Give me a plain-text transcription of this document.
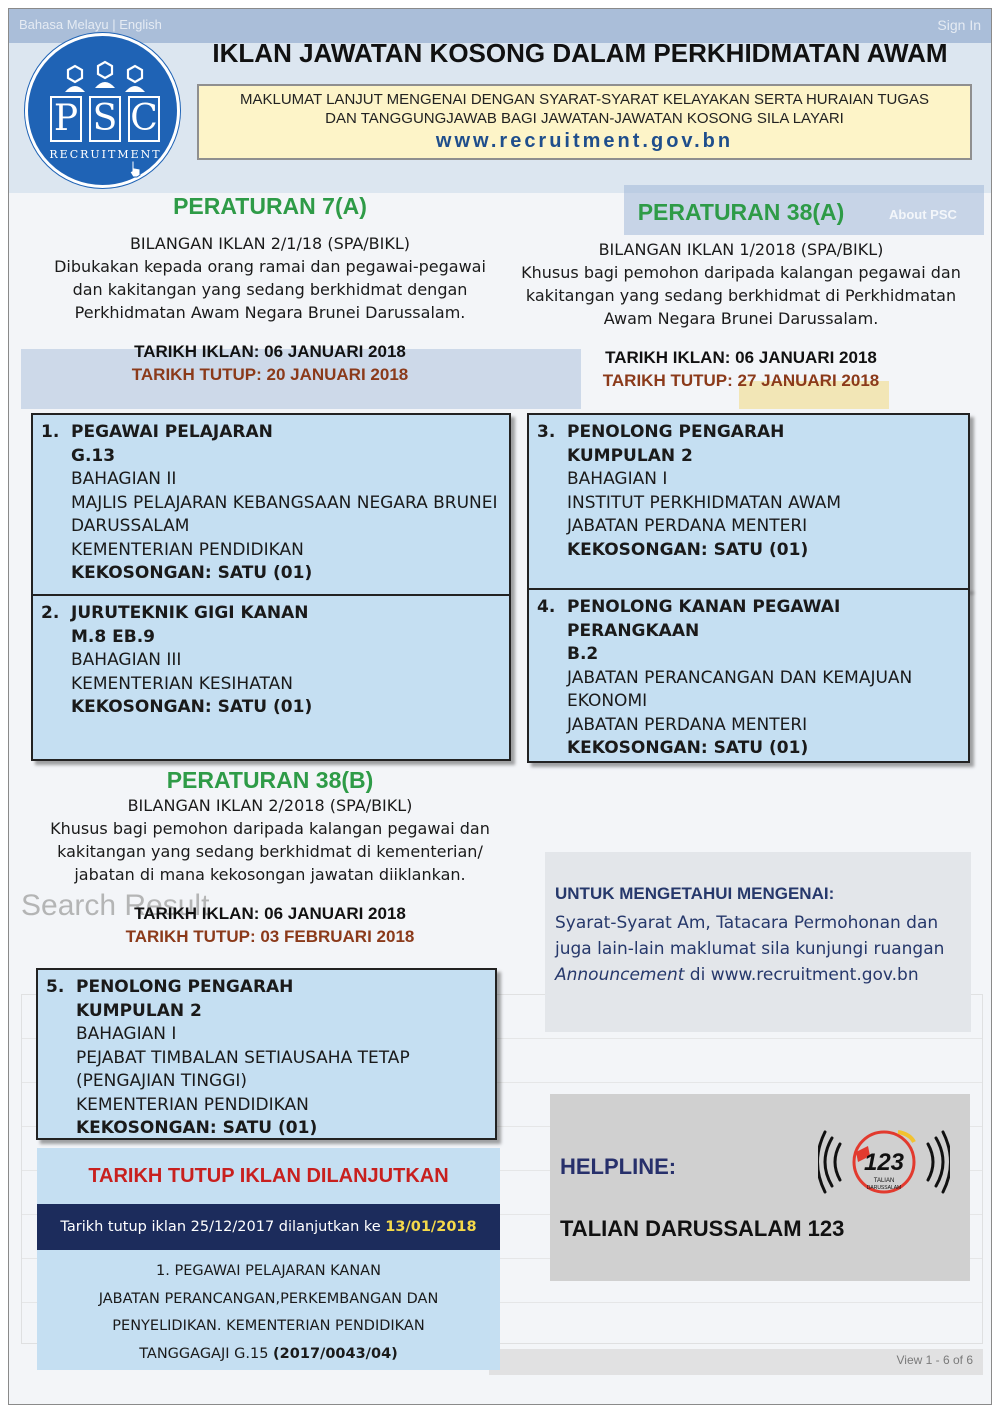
Bahasa Melayu | English	Sign In
About PSC
Search Result
View 1 - 6 of 6
P S C
RECRUITMENT
IKLAN JAWATAN KOSONG DALAM PERKHIDMATAN AWAM
MAKLUMAT LANJUT MENGENAI DENGAN SYARAT-SYARAT KELAYAKAN SERTA HURAIAN TUGAS
DAN TANGGUNGJAWAB BAGI JAWATAN-JAWATAN KOSONG SILA LAYARI
www.recruitment.gov.bn
PERATURAN 7(A)
BILANGAN IKLAN 2/1/18 (SPA/BIKL)
Dibukakan kepada orang ramai dan pegawai-pegawai
dan kakitangan yang sedang berkhidmat dengan
Perkhidmatan Awam Negara Brunei Darussalam.
TARIKH IKLAN: 06 JANUARI 2018
TARIKH TUTUP: 20 JANUARI 2018
PERATURAN 38(A)
BILANGAN IKLAN 1/2018 (SPA/BIKL)
Khusus bagi pemohon daripada kalangan pegawai dan
kakitangan yang sedang berkhidmat di Perkhidmatan
Awam Negara Brunei Darussalam.
TARIKH IKLAN: 06 JANUARI 2018
TARIKH TUTUP: 27 JANUARI 2018
1. PEGAWAI PELAJARAN
G.13
BAHAGIAN II
MAJLIS PELAJARAN KEBANGSAAN NEGARA BRUNEI
DARUSSALAM
KEMENTERIAN PENDIDIKAN
KEKOSONGAN: SATU (01)
2. JURUTEKNIK GIGI KANAN
M.8 EB.9
BAHAGIAN III
KEMENTERIAN KESIHATAN
KEKOSONGAN: SATU (01)
3. PENOLONG PENGARAH
KUMPULAN 2
BAHAGIAN I
INSTITUT PERKHIDMATAN AWAM
JABATAN PERDANA MENTERI
KEKOSONGAN: SATU (01)
4. PENOLONG KANAN PEGAWAI PERANGKAAN
B.2
JABATAN PERANCANGAN DAN KEMAJUAN
EKONOMI
JABATAN PERDANA MENTERI
KEKOSONGAN: SATU (01)
PERATURAN 38(B)
BILANGAN IKLAN 2/2018 (SPA/BIKL)
Khusus bagi pemohon daripada kalangan pegawai dan
kakitangan yang sedang berkhidmat di kementerian/
jabatan di mana kekosongan jawatan diiklankan.
TARIKH IKLAN: 06 JANUARI 2018
TARIKH TUTUP: 03 FEBRUARI 2018
5. PENOLONG PENGARAH
KUMPULAN 2
BAHAGIAN I
PEJABAT TIMBALAN SETIAUSAHA TETAP
(PENGAJIAN TINGGI)
KEMENTERIAN PENDIDIKAN
KEKOSONGAN: SATU (01)
UNTUK MENGETAHUI MENGENAI:
Syarat-Syarat Am, Tatacara Permohonan dan
juga lain-lain maklumat sila kunjungi ruangan
Announcement di www.recruitment.gov.bn
HELPLINE:
TALIAN DARUSSALAM 123
123
TALIAN
DARUSSALAM
TARIKH TUTUP IKLAN DILANJUTKAN
Tarikh tutup iklan 25/12/2017 dilanjutkan ke 13/01/2018
1. PEGAWAI PELAJARAN KANAN
JABATAN PERANCANGAN,PERKEMBANGAN DAN
PENYELIDIKAN. KEMENTERIAN PENDIDIKAN
TANGGAGAJI G.15 (2017/0043/04)
